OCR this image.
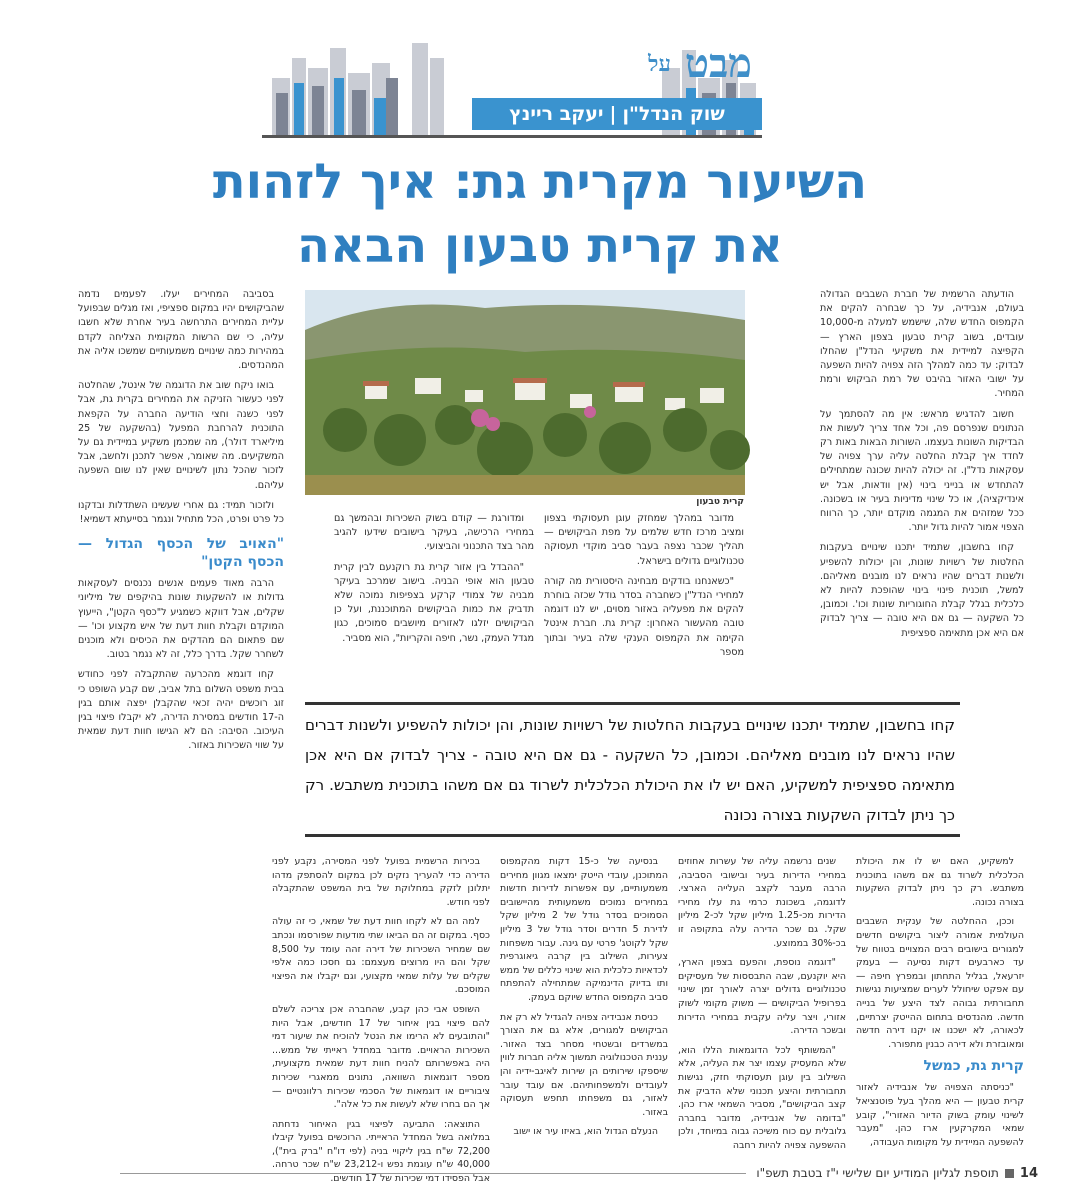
מבט $^{על}$
שוק הנדל"ן|יעקב ריינץ
השיעור מקרית גת: איך לזהות
את קרית טבעון הבאה

הודעתה הרשמית של חברת השבבים הגדולה בעולם, אנבידיה, על כך שבחרה להקים את הקמפוס החדש שלה, שישמש למעלה מ-10,000 עובדים, בשוב קרית טבעון בצפון הארץ — הקפיצה למיידית את משקיעי הנדל"ן שהחלו לבדוק: עד כמה למהלך הזה צפויה להיות השפעה על ישובי האזור בהיבט של רמת הביקוש ורמת המחיר.

חשוב להדגיש מראש: אין מה להסתמך על הנתונים שנפרסם פה, וכל אחד צריך לעשות את הבדיקות השונות בעצמו. השורות הבאות באות רק לחדד איך קבלת החלטה עליה ערך צפויה של עסקאות נדל"ן. זה יכולה להיות שכונה שמתחילים להתחדש או בנייני בינוי (אין וודאות, אבל יש אינדיקציה), או כל שינוי מדיניות בעיר או בשכונה. ככל שמזהים את המגמה מוקדם יותר, כך הרווח הצפוי אמור להיות גדול יותר.

קחו בחשבון, שתמיד יתכנו שינויים בעקבות החלטות של רשויות שונות, והן יכולות להשפיע ולשנות דברים שהיו נראים לנו מובנים מאליהם. למשל, תוכנית פינוי בינוי שהופכת להיות לא כלכלית בגלל קבלת החוגוריות שונות וכו'. וכמובן, כל השקעה — גם אם היא טובה — צריך לבדוק אם היא אכן מתאימה ספציפית

קרית טבעון

מדובר במהלך שמחזק עוגן תעסוקתי בצפון ומציב מרכז חדש שלמים על מפת הביקושים — תהליך שכבר נצפה בעבר סביב מוקדי תעסוקה טכנולוגיים גדולים בישראל.

"כשאנחנו בודקים מבחינה היסטורית מה קורה למחירי הנדל"ן כשחברה בסדר גודל שכזה בוחרת להקים את מפעליה באזור מסוים, יש לנו דוגמה טובה מהעשור האחרון: קרית גת. חברת אינטל הקימה את הקמפוס הענקי שלה בעיר ובתוך מספר

ומדורגת — קודם בשוק השכירות ובהמשך גם במחירי הרכישה, בעיקר בישובים שידעו להגיב מהר בצד התכנוני והביצועי.

"ההבדל בין אזור קרית גת רוקנעם לבין קרית טבעון הוא אופי הבניה. בישוב שמרכב בעיקר מבניה של צמודי קרקע בצפיפות נמוכה שלא תדביק את כמות הביקושים המתוכננת, ועל כן הביקושים יזלגו לאזורים מיושבים סמוכים, כגון מגדל העמק, נשר, חיפה והקריות", הוא מסביר.

בסביבה המחירים יעלו. לפעמים נדמה שהביקושים יהיו במקום ספציפי, ואז מגלים שבפועל עליית המחירים התרחשה בעיר אחרת שלא חשבו עליה, כי שם הרשות המקומית הצליחה לקדם במהירות כמה שינויים משמעותיים שמשכו אליה את המהנדסים.

בואו ניקח שוב את הדוגמה של אינטל, שהחלטה לפני כעשור הזניקה את המחירים בקרית גת, אבל לפני כשנה וחצי הודיעה החברה על הקפאת התוכנית להרחבת המפעל (בהשקעה של 25 מיליארד דולר), מה שמכמן משקיע במיידית גם על המשקיעים. מה שאומר, אפשר לתכנן ולחשב, אבל לזכור שהכל נתון לשינויים שאין לנו שום השפעה עליהם.

ולזכור תמיד: גם אחרי שעשינו השתדלות ובדקנו כל פרט ופרט, הכל מתחיל ונגמר בסייעתא דשמיא!

"האויב של הכסף הגדול — הכסף הקטן"

הרבה מאוד פעמים אנשים נכנסים לעסקאות גדולות או להשקעות שונות בהיקפים של מיליוני שקלים, אבל דווקא כשמגיע ל"כסף הקטן", הייעוץ המוקדם וקבלת חוות דעת של איש מקצוע וכו' — שם פתאום הם מהדקים את הכיסים ולא מוכנים לשחרר שקל. בדרך כלל, זה לא נגמר בטוב.

קחו דוגמא מהכרעה שהתקבלה לפני כחודש בבית משפט השלום בתל אביב, שם קבע השופט כי זוג רוכשים יהיה זכאי שהקבלן יפצה אותם בגין ה-17 חודשים במסירת הדירה, לא יקבלו פיצוי בגין העיכוב. הסיבה: הם לא הגישו חוות דעת שמאית על שווי השכירות באזור.

קחו בחשבון, שתמיד יתכנו שינויים בעקבות החלטות של רשויות שונות, והן יכולות להשפיע ולשנות דברים שהיו נראים לנו מובנים מאליהם. וכמובן, כל השקעה - גם אם היא טובה - צריך לבדוק אם היא אכן מתאימה ספציפית למשקיע, האם יש לו את היכולת הכלכלית לשרוד גם אם משהו בתוכנית משתבש. רק כך ניתן לבדוק השקעות בצורה נכונה

למשקיע, האם יש לו את היכולת הכלכלית לשרוד גם אם משהו בתוכנית משתבש. רק כך ניתן לבדוק השקעות בצורה נכונה.

וככן, ההחלטה של ענקית השבבים העולמית אמורה ליצור ביקושים חדשים למגורים בישובים רבים המצויים בטווח של עד כארבעים דקות נסיעה — בעמק יזרעאל, בגליל התחתון ובמפרץ חיפה — עם אפקט שיחולל לערים שמציעות נגישות תחבורתית גבוהה לצד היצע של בנייה חדשה. מהנדסים בתחום ההייטק יצרתיים, לכאורה, לא ישכנו או יקנו דירה חדשה ומאובזרת ולא דירה כבנין מתפורר.

קרית גת, כמשל

"כניסתה הצפויה של אנבידיה לאזור קרית טבעון — היא מהלך בעל פוטנציאל לשינוי עומק בשוק הדיור האזורי", קובע שמאי המקרקעין ארז כהן. "מעבר להשפעה המיידית על מקומות העבודה,

שנים נרשמה עליה של עשרות אחוזים במחירי הדירות בעיר ובישובי הסביבה, הרבה מעבר לקצב העלייה הארצי. לדוגמה, בשכונת כרמי גת עלו מחירי הדירות מכ-1.25 מיליון שקל לכ-2 מיליון שקל. גם שכר הדירה עלה בתקופה זו בכ-30% בממוצע.

"דוגמה נוספת, והפעם בצפון הארץ, היא יוקנעם, שבה התבססות של מעסיקים טכנולוגיים גדולים יצרה לאורך זמן שינוי בפרופיל הביקושים — משוק מקומי לשוק אזורי, ויצר עליה עקבית במחירי הדירות ובשכר הדירה.

"המשותף לכל הדוגמאות הללו הוא, שלא המעסיק עצמו יצר את העליה, אלא השילוב בין עוגן תעסוקתי חזק, נגישות תחבורתית והיצע תכנוני שלא הדביק את קצב הביקושים", מסביר השמאי ארז כהן. "בדומה של אנבידיה, מדובר בחברה גלובלית עם כוח משיכה גבוה במיוחד, ולכן ההשפעה צפויה להיות רחבה

בנסיעה של כ-15 דקות מהקמפוס המתוכנן, עובדי הייטק ימצאו מגוון מחירים משמעותיים, עם אפשרות לדירות חדשות במחירים נמוכים משמעותית מהיישובים הסמוכים בסדר גודל של 2 מיליון שקל לדירת 5 חדרים וסדר גודל של 3 מיליון שקל לקוטג' פרטי עם גינה. עבור משפחות צעירות, השילוב בין קרבה גיאוגרפית לכדאיות כלכלית הוא שינוי כללים של ממש ותו בדיוק הדינמיקה שמתחילה להתפתח סביב הקמפוס החדש שיוקם בעמק.

כניסת אנבידיה צפויה להגדיל לא רק את הביקושים למגורים, אלא גם את הצורך במשרדים ובשטחי מסחר בצד האזור. עננית הטכנולוגיה תמשוך אליה חברות לווין שיספקו שירותים הן שירות לאיגב-ידיה והן לעובדים ולמשפחותיהם. אם עובד עובר לאזור, גם משפחתו תחפש תעסוקה באזור.

הנעלם הגדול הוא, באיזו עיר או ישוב

בכירות הרשמית בפועל לפני המסירה, נקבע לפני הדירה כדי להעריך נזקים לכן במקום להסתפק מדהו יתלונן לזקק במחלוקת של בית המשפט שהתקבלה לפני חודש.

למה הם לא לקחו חוות דעת של שמאי, כי זה עולה כסף. במקום זה הם הביאו שתי מודעות שפורסמו ונכתב שם שמחיר השכירות של דירה זהה עומד על 8,500 שקל והם היו מרוצים מעצמם: גם חסכו כמה אלפי שקלים של עלות שמאי מקצועי, וגם יקבלו את הפיצוי המוסכם.

השופט אבי כהן קבע, שהחברה אכן צריכה לשלם להם פיצוי בגין איחור של 17 חודשים, אבל היות "והתובעים לא הרימו את הנטל להוכיח את שיעור דמי השכירות הראויים. מדובר במחדל ראייתי של ממש... היה באפשרותם להניח חוות דעת שמאית מקצועית, מספר דוגמאות השוואה, נתונים ממאגרי שכירות ציבוריים או דוגמאות של הסכמי שכירות רלוונטיים — אך הם בחרו שלא לעשות את כל אלה".

התוצאה: התביעה לפיצוי בגין האיחור נדחתה במלואה בשל המחדל הראייתי. הרוכשים בפועל קיבלו 72,200 ש"ח בגין ליקויי בניה (לפי דו"ח "ברק בית"), 40,000 ש"ח עוגמת נפש ו-23,212 ש"ח שכר טרחה. אבל הפסידו דמי שכירות של 17 חודשים.	14
תוספת לגליון המודיע יום שלישי י"ז בטבת תשפ"ו
